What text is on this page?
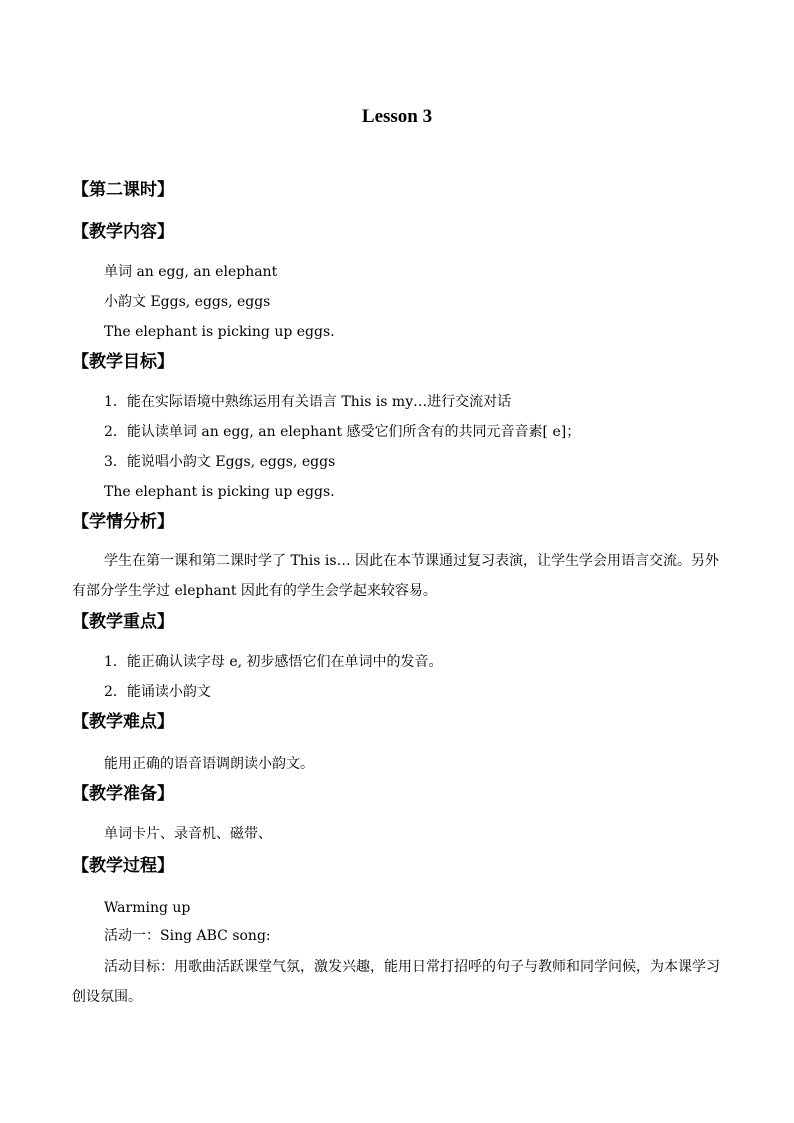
Lesson 3
【第二课时】
【教学内容】
单词 an egg, an elephant
小韵文 Eggs, eggs, eggs
The elephant is picking up eggs.
【教学目标】
1．能在实际语境中熟练运用有关语言 This is my…进行交流对话
2．能认读单词 an egg, an elephant 感受它们所含有的共同元音音素[ e]；
3．能说唱小韵文 Eggs, eggs, eggs
The elephant is picking up eggs.
【学情分析】
学生在第一课和第二课时学了 This is… 因此在本节课通过复习表演，让学生学会用语言交流。另外有部分学生学过 elephant 因此有的学生会学起来较容易。
【教学重点】
1．能正确认读字母 e, 初步感悟它们在单词中的发音。
2．能诵读小韵文
【教学难点】
能用正确的语音语调朗读小韵文。
【教学准备】
单词卡片、录音机、磁带、
【教学过程】
Warming up
活动一：Sing ABC song:
活动目标：用歌曲活跃课堂气氛，激发兴趣，能用日常打招呼的句子与教师和同学问候，为本课学习创设氛围。
